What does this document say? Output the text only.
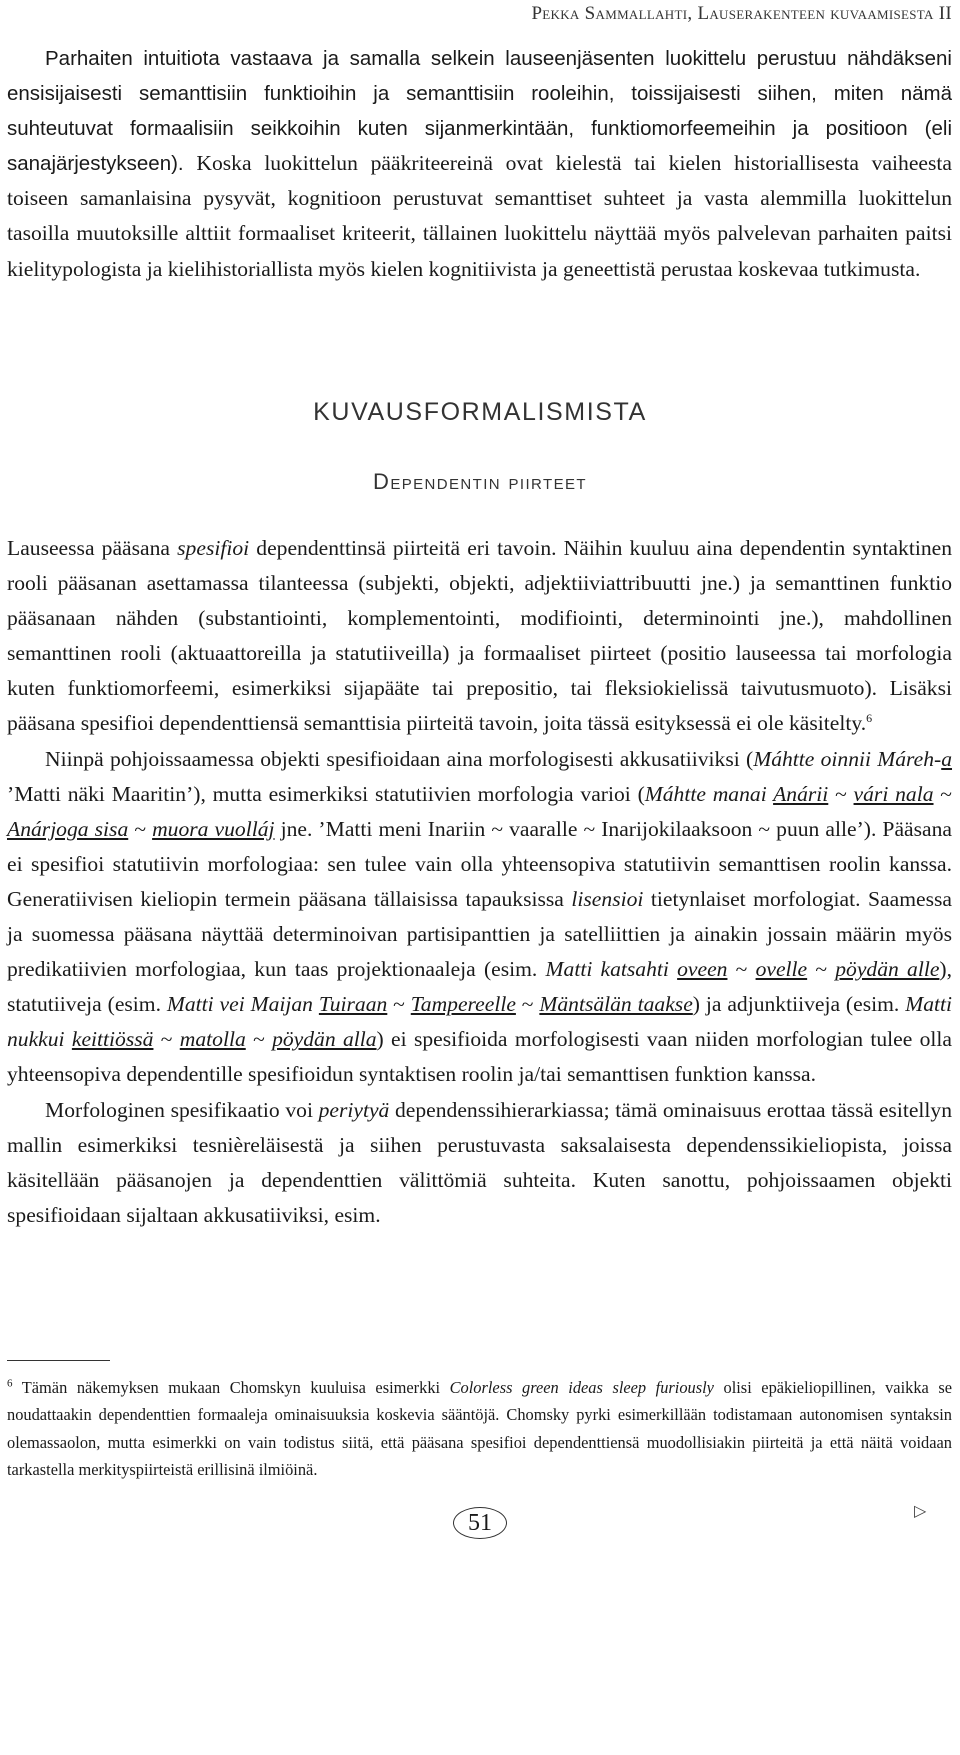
Pekka Sammallahti, Lauserakenteen kuvaamisesta II

Parhaiten intuitiota vastaava ja samalla selkein lauseenjäsenten luokittelu perustuu nähdäkseni ensisijaisesti semanttisiin funktioihin ja semanttisiin rooleihin, toissijaisesti siihen, miten nämä suhteutuvat formaalisiin seikkoihin kuten sijanmerkintään, funktiomorfeemeihin ja positioon (eli sanajärjestykseen). Koska luokittelun pääkriteereinä ovat kielestä tai kielen historiallisesta vaiheesta toiseen samanlaisina pysyvät, kognitioon perustuvat semanttiset suhteet ja vasta alemmilla luokittelun tasoilla muutoksille alttiit formaaliset kriteerit, tällainen luokittelu näyttää myös palvelevan parhaiten paitsi kielitypologista ja kielihistoriallista myös kielen kognitiivista ja geneettistä perustaa koskevaa tutkimusta.

KUVAUSFORMALISMISTA
Dependentin piirteet

Lauseessa pääsana spesifioi dependenttinsä piirteitä eri tavoin. Näihin kuuluu aina dependentin syntaktinen rooli pääsanan asettamassa tilanteessa (subjekti, objekti, adjektiiviattribuutti jne.) ja semanttinen funktio pääsanaan nähden (substantiointi, komplementointi, modifiointi, determinointi jne.), mahdollinen semanttinen rooli (aktuaattoreilla ja statutiiveilla) ja formaaliset piirteet (positio lauseessa tai morfologia kuten funktiomorfeemi, esimerkiksi sijapääte tai prepositio, tai fleksiokielissä taivutusmuoto). Lisäksi pääsana spesifioi dependenttiensä semanttisia piirteitä tavoin, joita tässä esityksessä ei ole käsitelty.$^6$

Niinpä pohjoissaamessa objekti spesifioidaan aina morfologisesti akkusatiiviksi (Máhtte oinnii Máreh-a ’Matti näki Maaritin’), mutta esimerkiksi statutiivien morfologia varioi (Máhtte manai Anárii ~ vári nala ~ Anárjoga sisa ~ muora vuolláj jne. ’Matti meni Inariin ~ vaaralle ~ Inarijokilaaksoon ~ puun alle’). Pääsana ei spesifioi statutiivin morfologiaa: sen tulee vain olla yhteensopiva statutiivin semanttisen roolin kanssa. Generatiivisen kieliopin termein pääsana tällaisissa tapauksissa lisensioi tietynlaiset morfologiat. Saamessa ja suomessa pääsana näyttää determinoivan partisipanttien ja satelliittien ja ainakin jossain määrin myös predikatiivien morfologiaa, kun taas projektionaaleja (esim. Matti katsahti oveen ~ ovelle ~ pöydän alle), statutiiveja (esim. Matti vei Maijan Tuiraan ~ Tampereelle ~ Mäntsälän taakse) ja adjunktiiveja (esim. Matti nukkui keittiössä ~ matolla ~ pöydän alla) ei spesifioida morfologisesti vaan niiden morfologian tulee olla yhteensopiva dependentille spesifioidun syntaktisen roolin ja/tai semanttisen funktion kanssa.

Morfologinen spesifikaatio voi periytyä dependenssihierarkiassa; tämä ominaisuus erottaa tässä esitellyn mallin esimerkiksi tesnièreläisestä ja siihen perustuvasta saksalaisesta dependenssikieliopista, joissa käsitellään pääsanojen ja dependenttien välittömiä suhteita. Kuten sanottu, pohjoissaamen objekti spesifioidaan sijaltaan akkusatiiviksi, esim.

$^6$ Tämän näkemyksen mukaan Chomskyn kuuluisa esimerkki Colorless green ideas sleep furiously olisi epäkieliopillinen, vaikka se noudattaakin dependenttien formaaleja ominaisuuksia koskevia sääntöjä. Chomsky pyrki esimerkillään todistamaan autonomisen syntaksin olemassaolon, mutta esimerkki on vain todistus siitä, että pääsana spesifioi dependenttiensä muodollisiakin piirteitä ja että näitä voidaan tarkastella merkityspiirteistä erillisinä ilmiöinä.
▷
51
